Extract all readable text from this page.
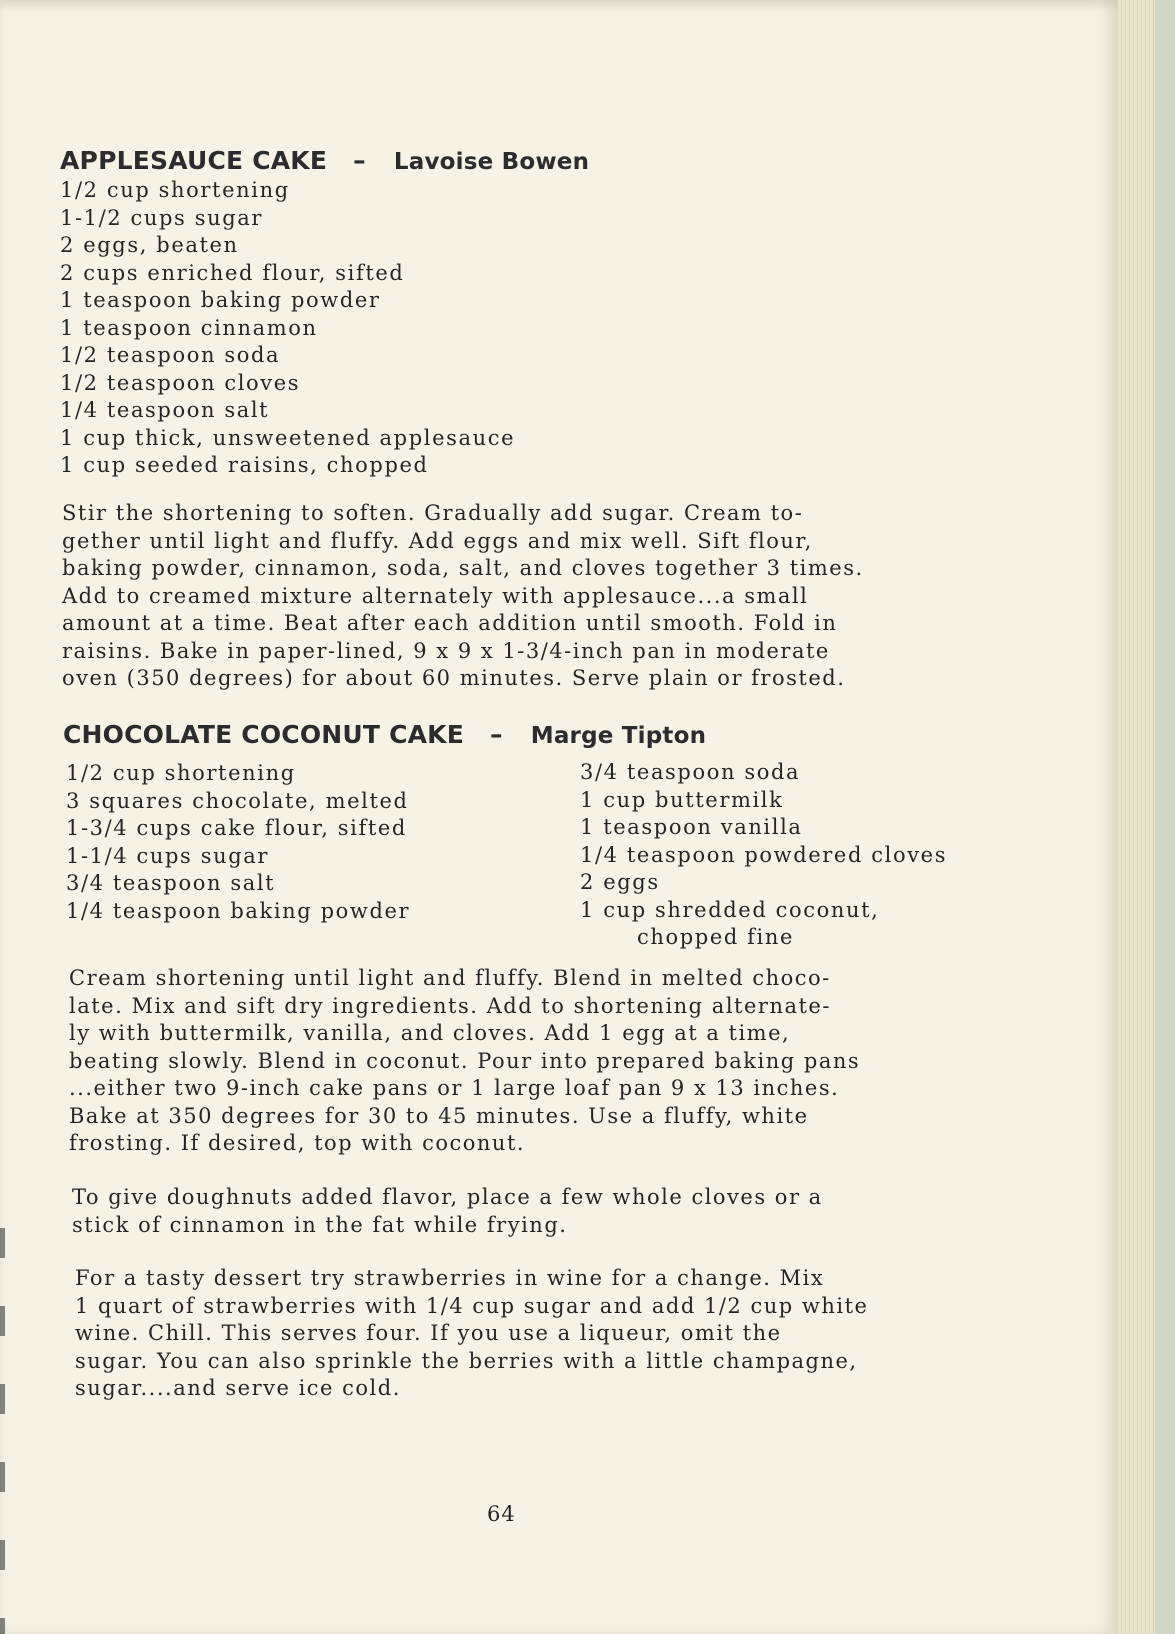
APPLESAUCE CAKE – Lavoise Bowen
1/2 cup shortening
1-1/2 cups sugar
2 eggs, beaten
2 cups enriched flour, sifted
1 teaspoon baking powder
1 teaspoon cinnamon
1/2 teaspoon soda
1/2 teaspoon cloves
1/4 teaspoon salt
1 cup thick, unsweetened applesauce
1 cup seeded raisins, chopped

Stir the shortening to soften. Gradually add sugar. Cream to-
gether until light and fluffy. Add eggs and mix well. Sift flour,
baking powder, cinnamon, soda, salt, and cloves together 3 times.
Add to creamed mixture alternately with applesauce...a small
amount at a time. Beat after each addition until smooth. Fold in
raisins. Bake in paper-lined, 9 x 9 x 1-3/4-inch pan in moderate
oven (350 degrees) for about 60 minutes. Serve plain or frosted.

CHOCOLATE COCONUT CAKE – Marge Tipton
1/2 cup shortening
3 squares chocolate, melted
1-3/4 cups cake flour, sifted
1-1/4 cups sugar
3/4 teaspoon salt
1/4 teaspoon baking powder
3/4 teaspoon soda
1 cup buttermilk
1 teaspoon vanilla
1/4 teaspoon powdered cloves
2 eggs
1 cup shredded coconut,
chopped fine

Cream shortening until light and fluffy. Blend in melted choco-
late. Mix and sift dry ingredients. Add to shortening alternate-
ly with buttermilk, vanilla, and cloves. Add 1 egg at a time,
beating slowly. Blend in coconut. Pour into prepared baking pans
...either two 9-inch cake pans or 1 large loaf pan 9 x 13 inches.
Bake at 350 degrees for 30 to 45 minutes. Use a fluffy, white
frosting. If desired, top with coconut.

To give doughnuts added flavor, place a few whole cloves or a
stick of cinnamon in the fat while frying.

For a tasty dessert try strawberries in wine for a change. Mix
1 quart of strawberries with 1/4 cup sugar and add 1/2 cup white
wine. Chill. This serves four. If you use a liqueur, omit the
sugar. You can also sprinkle the berries with a little champagne,
sugar....and serve ice cold.

64
